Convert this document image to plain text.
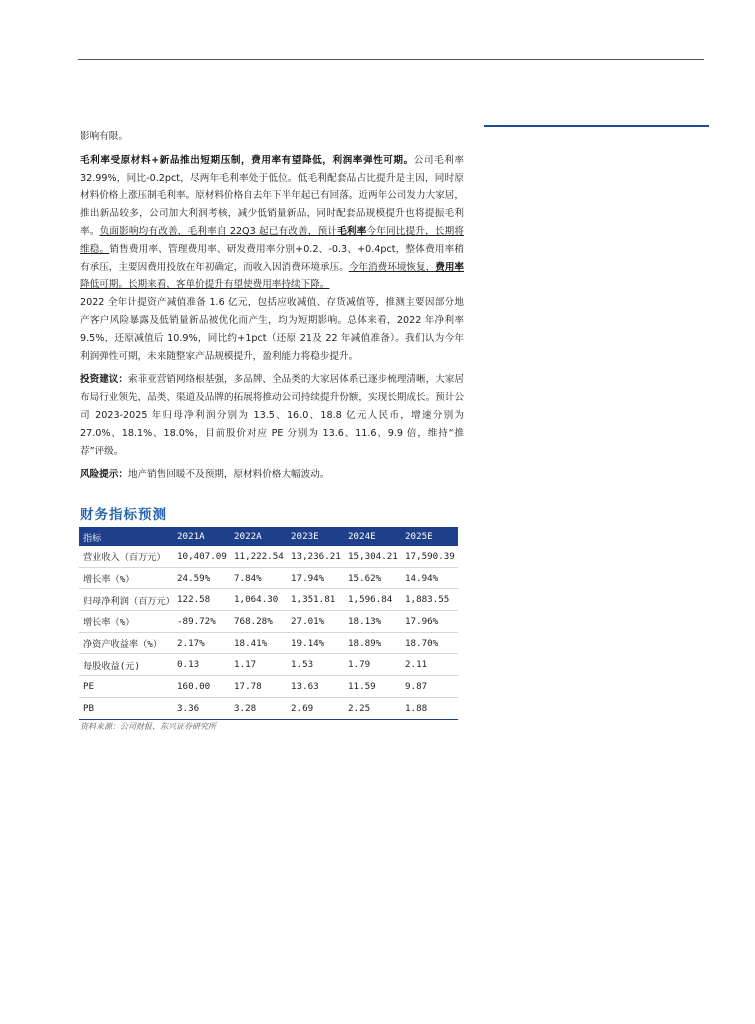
影响有限。

毛利率受原材料+新品推出短期压制，费用率有望降低，利润率弹性可期。公司毛利率32.99%，同比-0.2pct，尽两年毛利率处于低位。低毛利配套品占比提升是主因，同时原材料价格上涨压制毛利率。原材料价格自去年下半年起已有回落。近两年公司发力大家居，推出新品较多，公司加大利润考核，减少低销量新品，同时配套品规模提升也将提振毛利率。负面影响均有改善，毛利率自 22Q3 起已有改善，预计毛利率今年同比提升，长期将维稳。销售费用率、管理费用率、研发费用率分别+0.2、-0.3、+0.4pct，整体费用率稍有承压，主要因费用投放在年初确定，而收入因消费环境承压。今年消费环境恢复，费用率降低可期。长期来看，客单价提升有望使费用率持续下降。

2022 全年计提资产减值准备 1.6 亿元，包括应收减值、存货减值等，推测主要因部分地产客户风险暴露及低销量新品被优化而产生，均为短期影响。总体来看，2022 年净利率 9.5%，还原减值后 10.9%，同比约+1pct（还原 21及 22 年减值准备）。我们认为今年利润弹性可期，未来随整家产品规模提升，盈利能力将稳步提升。

投资建议：索菲亚营销网络根基强，多品牌、全品类的大家居体系已逐步梳理清晰，大家居布局行业领先，品类、渠道及品牌的拓展将推动公司持续提升份额，实现长期成长。预计公司 2023-2025 年归母净利润分别为 13.5、16.0、18.8 亿元人民币，增速分别为 27.0%、18.1%、18.0%，目前股价对应 PE 分别为 13.6、11.6、9.9 倍，维持“推荐”评级。

风险提示：地产销售回暖不及预期，原材料价格大幅波动。

财务指标预测
指标	2021A	2022A	2023E	2024E	2025E
营业收入（百万元）	10,407.09	11,222.54	13,236.21	15,304.21	17,590.39
增长率（%）	24.59%	7.84%	17.94%	15.62%	14.94%
归母净利润（百万元）	122.58	1,064.30	1,351.81	1,596.84	1,883.55
增长率（%）	-89.72%	768.28%	27.01%	18.13%	17.96%
净资产收益率（%）	2.17%	18.41%	19.14%	18.89%	18.70%
每股收益(元)	0.13	1.17	1.53	1.79	2.11
PE	160.00	17.78	13.63	11.59	9.87
PB	3.36	3.28	2.69	2.25	1.88
资料来源：公司财报、东兴证券研究所
